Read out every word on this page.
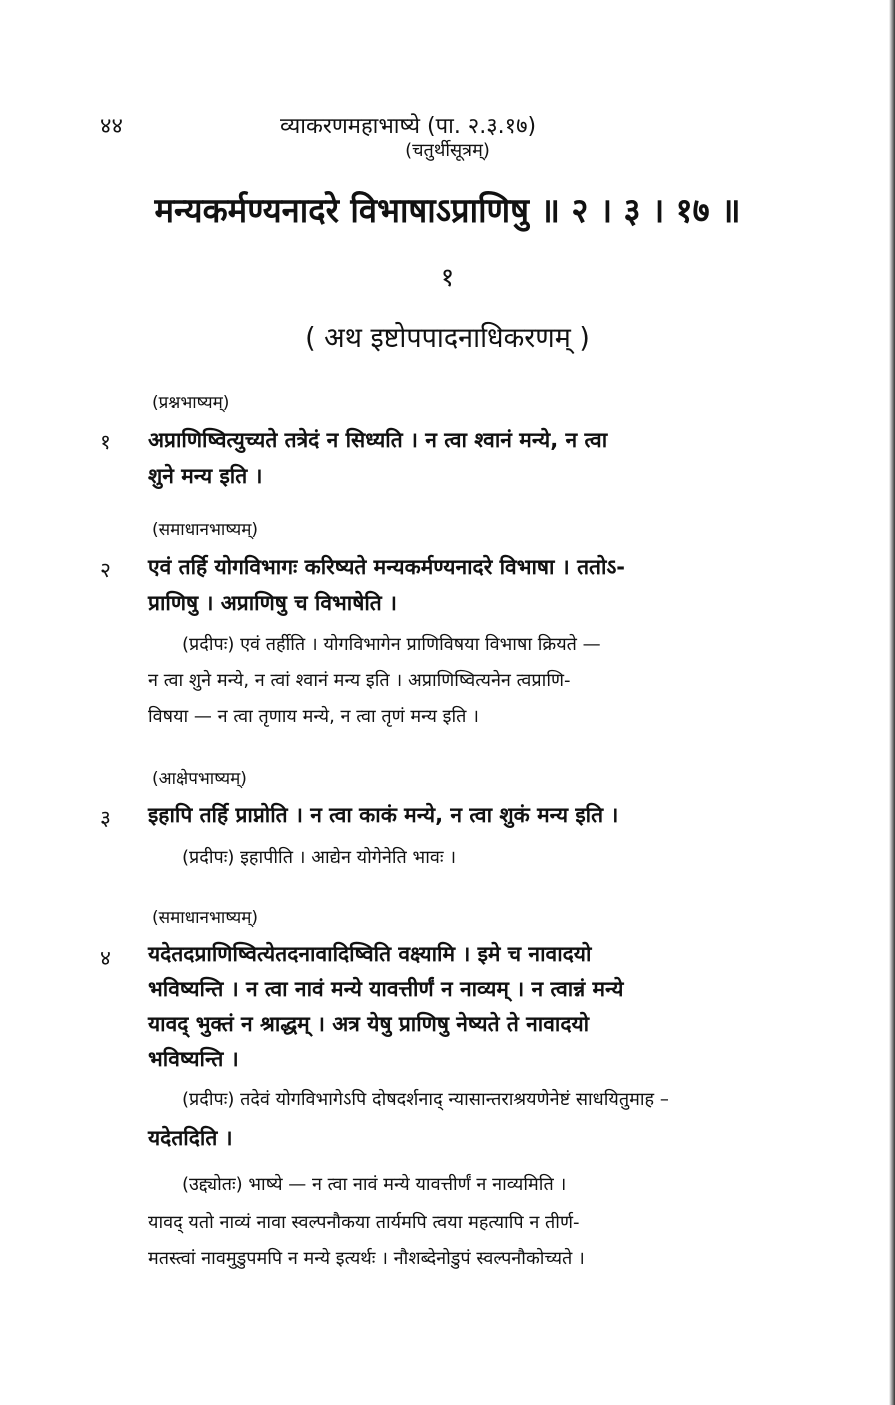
४४	व्याकरणमहाभाष्ये (पा. २.३.१७)
(चतुर्थीसूत्रम्)
मन्यकर्मण्यनादरे विभाषाऽप्राणिषु ॥ २ । ३ । १७ ॥
१
( अथ इष्टोपपादनाधिकरणम् )
(प्रश्नभाष्यम्)
१ अप्राणिष्वित्युच्यते तत्रेदं न सिध्यति । न त्वा श्वानं मन्ये, न त्वा
शुने मन्य इति ।
(समाधानभाष्यम्)
२ एवं तर्हि योगविभागः करिष्यते मन्यकर्मण्यनादरे विभाषा । ततोऽ-
प्राणिषु । अप्राणिषु च विभाषेति ।
(प्रदीपः) एवं तर्हीति । योगविभागेन प्राणिविषया विभाषा क्रियते —
न त्वा शुने मन्ये, न त्वां श्वानं मन्य इति । अप्राणिष्वित्यनेन त्वप्राणि-
विषया — न त्वा तृणाय मन्ये, न त्वा तृणं मन्य इति ।
(आक्षेपभाष्यम्)
३ इहापि तर्हि प्राप्नोति । न त्वा काकं मन्ये, न त्वा शुकं मन्य इति ।
(प्रदीपः) इहापीति । आद्येन योगेनेति भावः ।
(समाधानभाष्यम्)
४ यदेतदप्राणिष्वित्येतदनावादिष्विति वक्ष्यामि । इमे च नावादयो
भविष्यन्ति । न त्वा नावं मन्ये यावत्तीर्णं न नाव्यम् । न त्वान्नं मन्ये
यावद् भुक्तं न श्राद्धम् । अत्र येषु प्राणिषु नेष्यते ते नावादयो
भविष्यन्ति ।
(प्रदीपः) तदेवं योगविभागेऽपि दोषदर्शनाद् न्यासान्तराश्रयणेनेष्टं साधयितुमाह –
यदेतदिति ।
(उद्द्योतः) भाष्ये — न त्वा नावं मन्ये यावत्तीर्णं न नाव्यमिति ।
यावद् यतो नाव्यं नावा स्वल्पनौकया तार्यमपि त्वया महत्यापि न तीर्ण-
मतस्त्वां नावमुडुपमपि न मन्ये इत्यर्थः । नौशब्देनोडुपं स्वल्पनौकोच्यते ।
